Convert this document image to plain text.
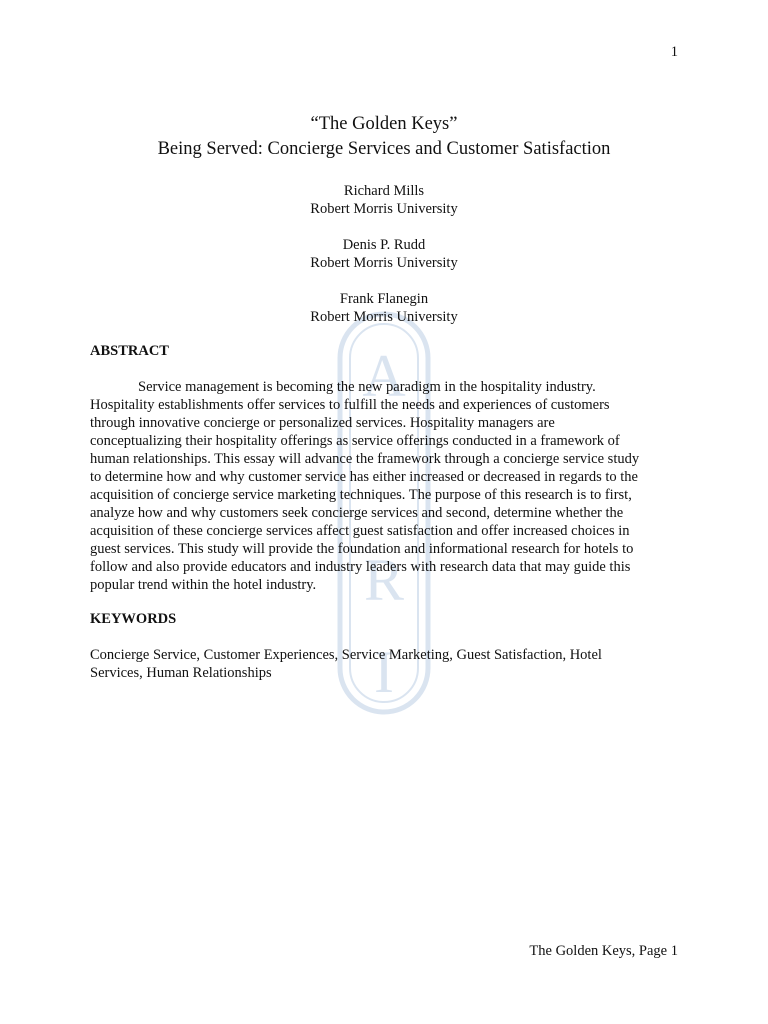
1
A
R
I
“The Golden Keys”
Being Served: Concierge Services and Customer Satisfaction
Richard Mills
Robert Morris University
Denis P. Rudd
Robert Morris University
Frank Flanegin
Robert Morris University
ABSTRACT

Service management is becoming the new paradigm in the hospitality industry. Hospitality establishments offer services to fulfill the needs and experiences of customers through innovative concierge or personalized services. Hospitality managers are conceptualizing their hospitality offerings as service offerings conducted in a framework of human relationships. This essay will advance the framework through a concierge service study to determine how and why customer service has either increased or decreased in regards to the acquisition of concierge service marketing techniques. The purpose of this research is to first, analyze how and why customers seek concierge services and second, determine whether the acquisition of these concierge services affect guest satisfaction and offer increased choices in guest services. This study will provide the foundation and informational research for hotels to follow and also provide educators and industry leaders with research data that may guide this popular trend within the hotel industry.

KEYWORDS

Concierge Service, Customer Experiences, Service Marketing, Guest Satisfaction, Hotel Services, Human Relationships

The Golden Keys, Page 1
